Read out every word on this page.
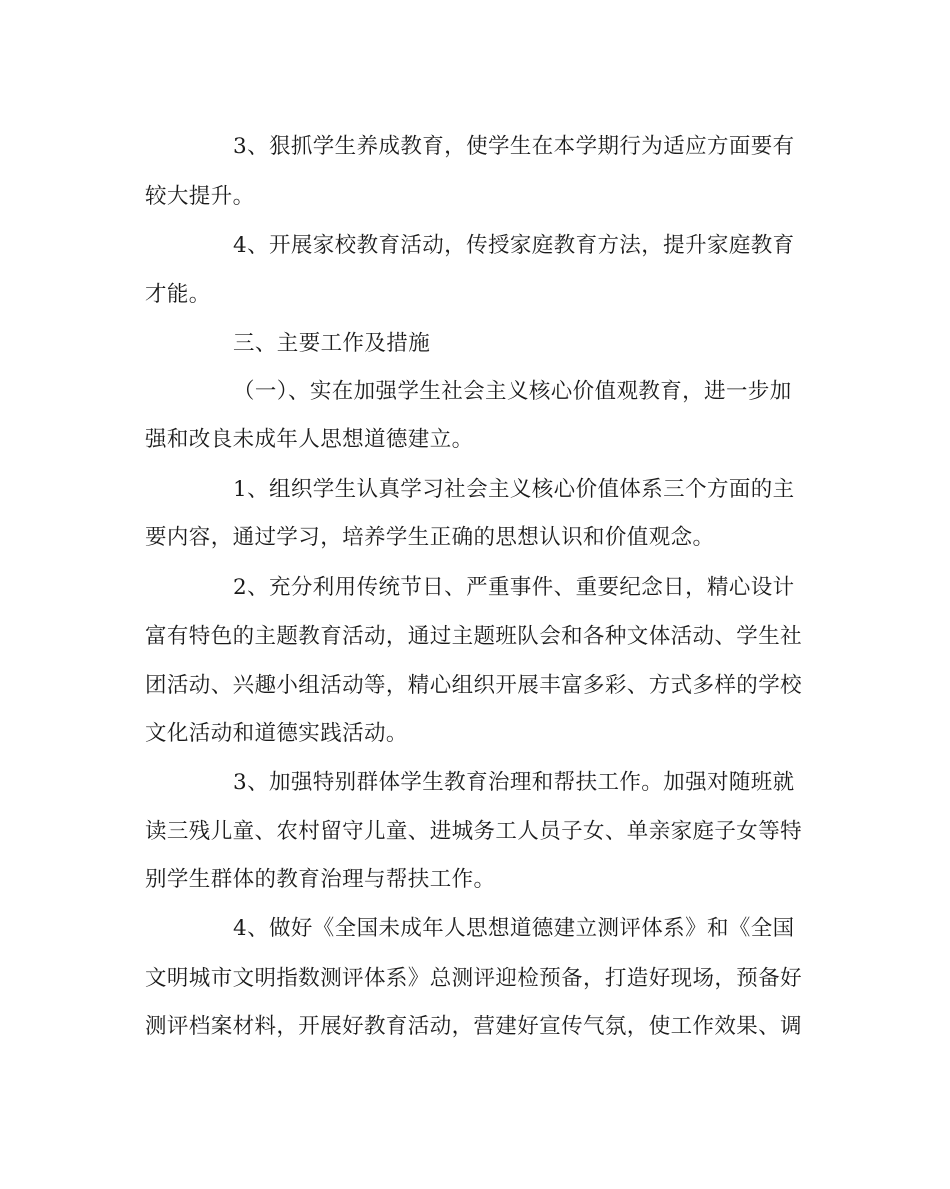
3、狠抓学生养成教育，使学生在本学期行为适应方面要有
较大提升。
4、开展家校教育活动，传授家庭教育方法，提升家庭教育
才能。
三、主要工作及措施
（一）、实在加强学生社会主义核心价值观教育，进一步加
强和改良未成年人思想道德建立。
1、组织学生认真学习社会主义核心价值体系三个方面的主
要内容，通过学习，培养学生正确的思想认识和价值观念。
2、充分利用传统节日、严重事件、重要纪念日，精心设计
富有特色的主题教育活动，通过主题班队会和各种文体活动、学生社
团活动、兴趣小组活动等，精心组织开展丰富多彩、方式多样的学校
文化活动和道德实践活动。
3、加强特别群体学生教育治理和帮扶工作。加强对随班就
读三残儿童、农村留守儿童、进城务工人员子女、单亲家庭子女等特
别学生群体的教育治理与帮扶工作。
4、做好《全国未成年人思想道德建立测评体系》和《全国
文明城市文明指数测评体系》总测评迎检预备，打造好现场，预备好
测评档案材料，开展好教育活动，营建好宣传气氛，使工作效果、调
